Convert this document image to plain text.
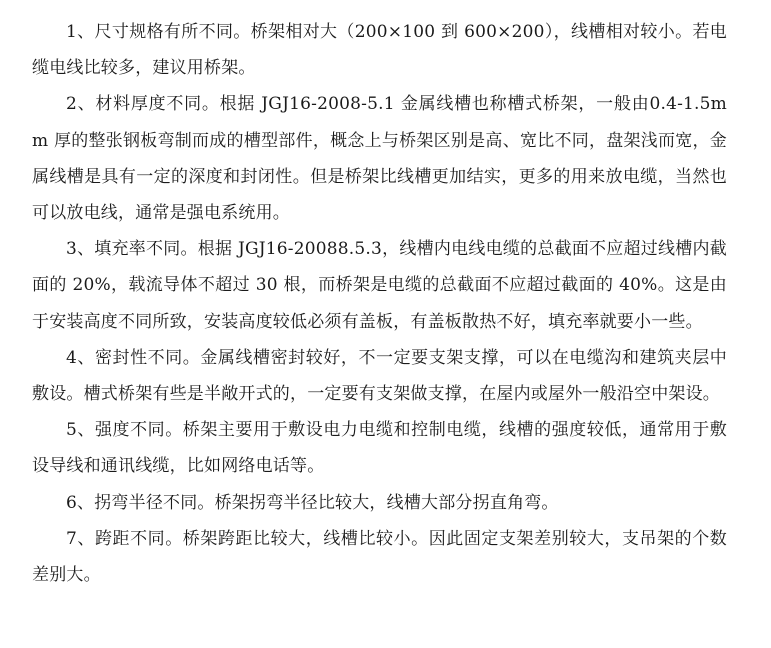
1、尺寸规格有所不同。桥架相对大（200×100 到 600×200），线槽相对较小。若电缆电线比较多，建议用桥架。

2、材料厚度不同。根据 JGJ16-2008-5.1 金属线槽也称槽式桥架，一般由0.4-1.5mm 厚的整张钢板弯制而成的槽型部件，概念上与桥架区别是高、宽比不同，盘架浅而宽，金属线槽是具有一定的深度和封闭性。但是桥架比线槽更加结实，更多的用来放电缆，当然也可以放电线，通常是强电系统用。

3、填充率不同。根据 JGJ16-20088.5.3，线槽内电线电缆的总截面不应超过线槽内截面的 20%，载流导体不超过 30 根，而桥架是电缆的总截面不应超过截面的 40%。这是由于安装高度不同所致，安装高度较低必须有盖板，有盖板散热不好，填充率就要小一些。

4、密封性不同。金属线槽密封较好，不一定要支架支撑，可以在电缆沟和建筑夹层中敷设。槽式桥架有些是半敞开式的，一定要有支架做支撑，在屋内或屋外一般沿空中架设。

5、强度不同。桥架主要用于敷设电力电缆和控制电缆，线槽的强度较低，通常用于敷设导线和通讯线缆，比如网络电话等。

6、拐弯半径不同。桥架拐弯半径比较大，线槽大部分拐直角弯。

7、跨距不同。桥架跨距比较大，线槽比较小。因此固定支架差别较大，支吊架的个数差别大。
